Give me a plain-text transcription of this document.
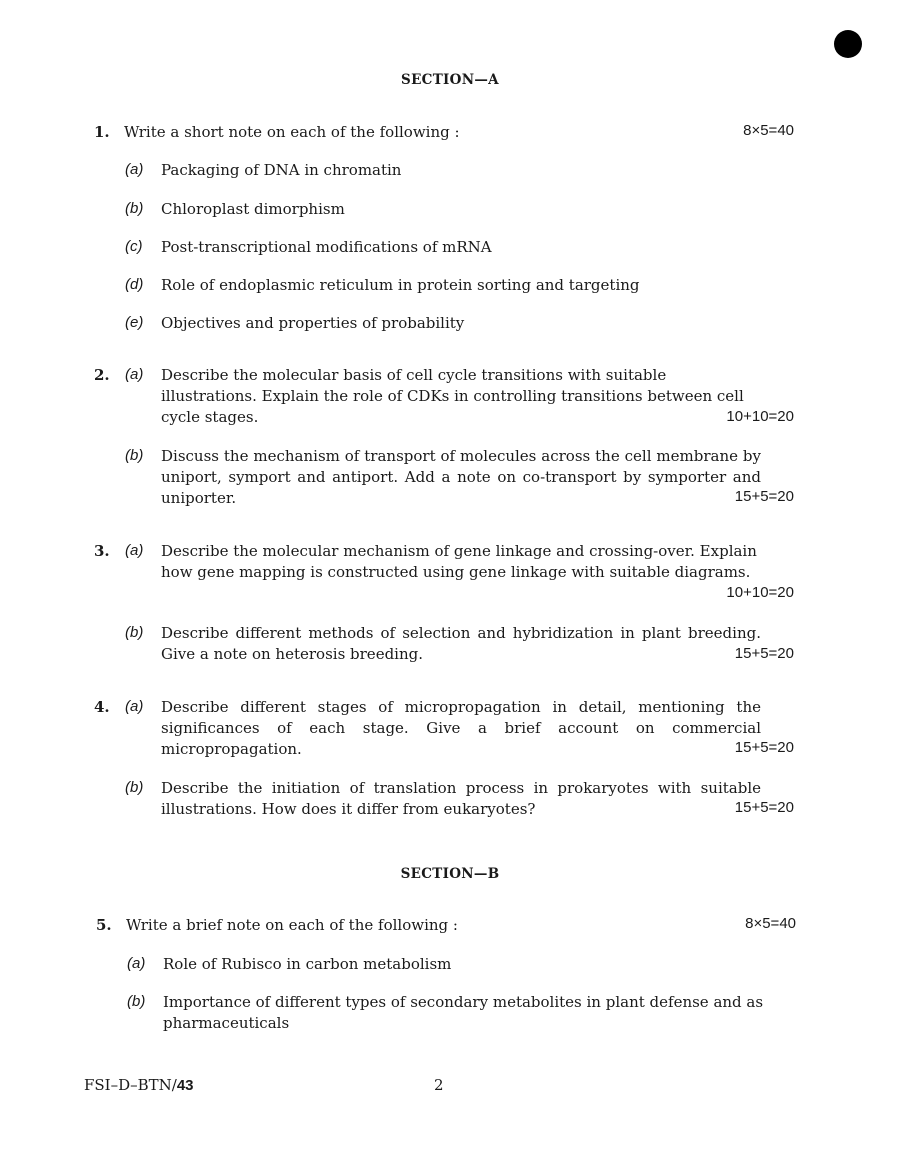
SECTION—A
1. Write a short note on each of the following :	8×5=40
(a) Packaging of DNA in chromatin
(b) Chloroplast dimorphism
(c) Post-transcriptional modifications of mRNA
(d) Role of endoplasmic reticulum in protein sorting and targeting
(e) Objectives and properties of probability
2. (a) Describe the molecular basis of cell cycle transitions with suitable illustrations. Explain the role of CDKs in controlling transitions between cell cycle stages.	10+10=20
(b) Discuss the mechanism of transport of molecules across the cell membrane by uniport, symport and antiport. Add a note on co-transport by symporter and uniporter.	15+5=20
3. (a) Describe the molecular mechanism of gene linkage and crossing-over. Explain how gene mapping is constructed using gene linkage with suitable diagrams.
10+10=20
(b) Describe different methods of selection and hybridization in plant breeding. Give a note on heterosis breeding.	15+5=20
4. (a) Describe different stages of micropropagation in detail, mentioning the significances of each stage. Give a brief account on commercial micropropagation.	15+5=20
(b) Describe the initiation of translation process in prokaryotes with suitable illustrations. How does it differ from eukaryotes?	15+5=20
SECTION—B
5. Write a brief note on each of the following :	8×5=40
(a) Role of Rubisco in carbon metabolism
(b) Importance of different types of secondary metabolites in plant defense and as pharmaceuticals
FSI–D–BTN/43	2
